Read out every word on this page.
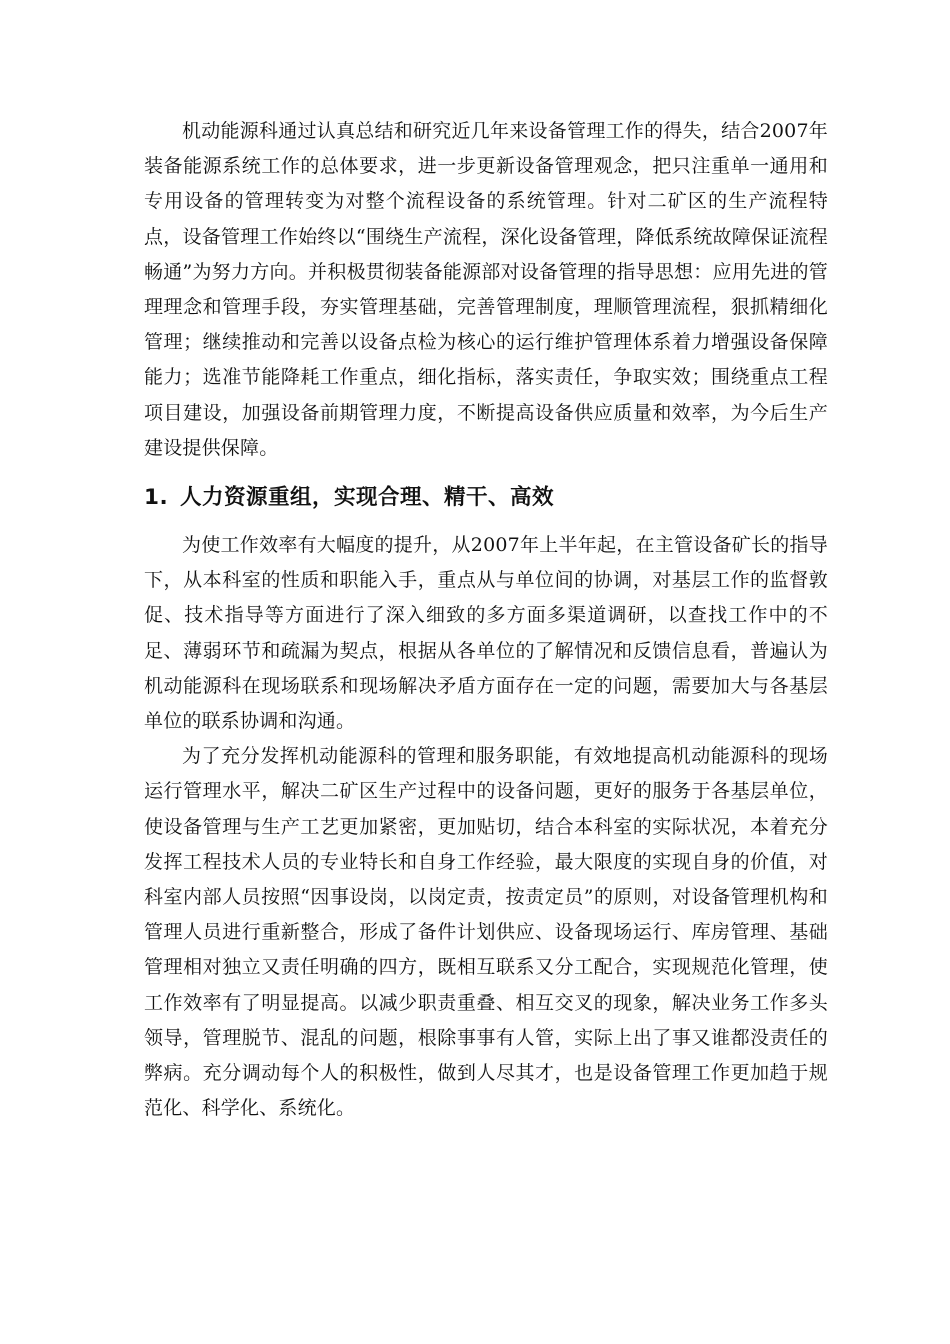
机动能源科通过认真总结和研究近几年来设备管理工作的得失，结合2007年装备能源系统工作的总体要求，进一步更新设备管理观念，把只注重单一通用和专用设备的管理转变为对整个流程设备的系统管理。针对二矿区的生产流程特点，设备管理工作始终以“围绕生产流程，深化设备管理，降低系统故障保证流程畅通”为努力方向。并积极贯彻装备能源部对设备管理的指导思想：应用先进的管理理念和管理手段，夯实管理基础，完善管理制度，理顺管理流程，狠抓精细化管理；继续推动和完善以设备点检为核心的运行维护管理体系着力增强设备保障能力；选准节能降耗工作重点，细化指标，落实责任，争取实效；围绕重点工程项目建设，加强设备前期管理力度，不断提高设备供应质量和效率，为今后生产建设提供保障。

1. 人力资源重组，实现合理、精干、高效

为使工作效率有大幅度的提升，从2007年上半年起，在主管设备矿长的指导下，从本科室的性质和职能入手，重点从与单位间的协调，对基层工作的监督敦促、技术指导等方面进行了深入细致的多方面多渠道调研，以查找工作中的不足、薄弱环节和疏漏为契点，根据从各单位的了解情况和反馈信息看，普遍认为机动能源科在现场联系和现场解决矛盾方面存在一定的问题，需要加大与各基层单位的联系协调和沟通。

为了充分发挥机动能源科的管理和服务职能，有效地提高机动能源科的现场运行管理水平，解决二矿区生产过程中的设备问题，更好的服务于各基层单位，使设备管理与生产工艺更加紧密，更加贴切，结合本科室的实际状况，本着充分发挥工程技术人员的专业特长和自身工作经验，最大限度的实现自身的价值，对科室内部人员按照“因事设岗，以岗定责，按责定员”的原则，对设备管理机构和管理人员进行重新整合，形成了备件计划供应、设备现场运行、库房管理、基础管理相对独立又责任明确的四方，既相互联系又分工配合，实现规范化管理，使工作效率有了明显提高。以减少职责重叠、相互交叉的现象，解决业务工作多头领导，管理脱节、混乱的问题，根除事事有人管，实际上出了事又谁都没责任的弊病。充分调动每个人的积极性，做到人尽其才，也是设备管理工作更加趋于规范化、科学化、系统化。
